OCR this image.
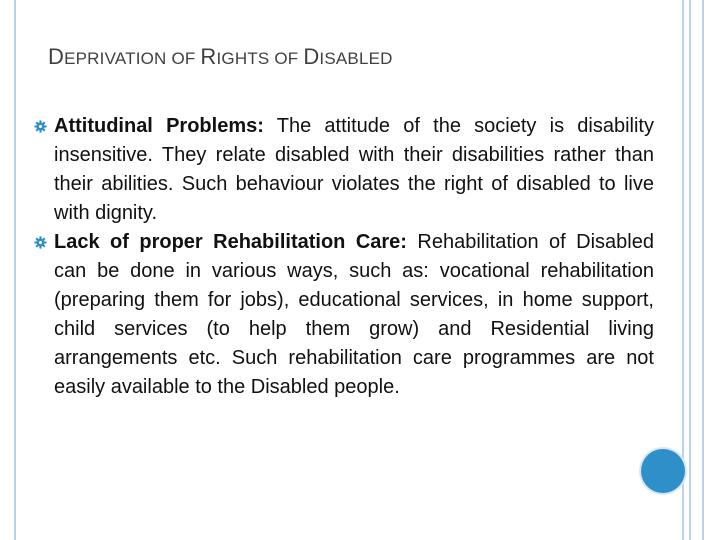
DEPRIVATION OF RIGHTS OF DISABLED
Attitudinal Problems: The attitude of the society is disability insensitive. They relate disabled with their disabilities rather than their abilities. Such behaviour violates the right of disabled to live with dignity.
Lack of proper Rehabilitation Care: Rehabilitation of Disabled can be done in various ways, such as: vocational rehabilitation (preparing them for jobs), educational services, in home support, child services (to help them grow) and Residential living arrangements etc. Such rehabilitation care programmes are not easily available to the Disabled people.
